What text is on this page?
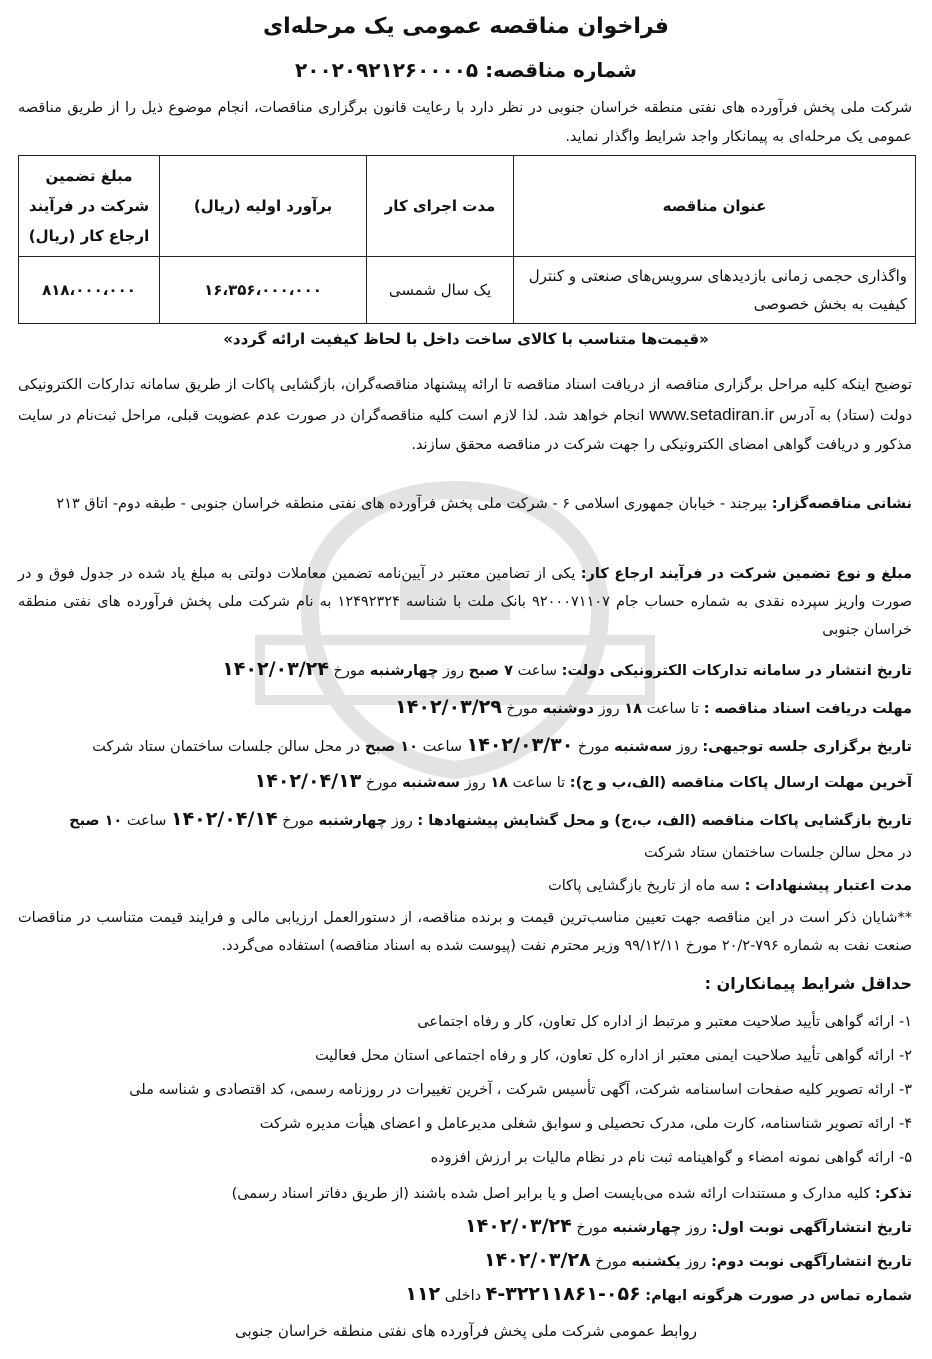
فراخوان مناقصه عمومی یک مرحله‌ای
شماره مناقصه: ۲۰۰۲۰۹۲۱۲۶۰۰۰۰۵

شرکت ملی پخش فرآورده های نفتی منطقه خراسان جنوبی در نظر دارد با رعایت قانون برگزاری مناقصات، انجام موضوع ذیل را از طریق مناقصه عمومی یک مرحله‌ای به پیمانکار واجد شرایط واگذار نماید.

عنوان مناقصه	مدت اجرای کار	برآورد اولیه (ریال)	مبلغ تضمین شرکت در فرآیند ارجاع کار (ریال)
واگذاری حجمی زمانی بازدیدهای سرویس‌های صنعتی و کنترل کیفیت به بخش خصوصی	یک سال شمسی	۱۶،۳۵۶،۰۰۰،۰۰۰	۸۱۸،۰۰۰،۰۰۰
«قیمت‌ها متناسب با کالای ساخت داخل با لحاظ کیفیت ارائه گردد»

توضیح اینکه کلیه مراحل برگزاری مناقصه از دریافت اسناد مناقصه تا ارائه پیشنهاد مناقصه‌گران، بازگشایی پاکات از طریق سامانه تدارکات الکترونیکی دولت (ستاد) به آدرس www.setadiran.ir انجام خواهد شد. لذا لازم است کلیه مناقصه‌گران در صورت عدم عضویت قبلی، مراحل ثبت‌نام در سایت مذکور و دریافت گواهی امضای الکترونیکی را جهت شرکت در مناقصه محقق سازند.

نشانی مناقصه‌گزار: بیرجند - خیابان جمهوری اسلامی ۶ - شرکت ملی پخش فرآورده های نفتی منطقه خراسان جنوبی - طبقه دوم- اتاق ۲۱۳

مبلغ و نوع تضمین شرکت در فرآیند ارجاع کار: یکی از تضامین معتبر در آیین‌نامه تضمین معاملات دولتی به مبلغ یاد شده در جدول فوق و در صورت واریز سپرده نقدی به شماره حساب جام ۹۲۰۰۰۷۱۱۰۷ بانک ملت با شناسه ۱۲۴۹۲۳۲۴ به نام شرکت ملی پخش فرآورده های نفتی منطقه خراسان جنوبی

تاریخ انتشار در سامانه تدارکات الکترونیکی دولت: ساعت ۷ صبح روز چهارشنبه مورخ ۱۴۰۲/۰۳/۲۴

مهلت دریافت اسناد مناقصه : تا ساعت ۱۸ روز دوشنبه مورخ ۱۴۰۲/۰۳/۲۹

تاریخ برگزاری جلسه توجیهی: روز سه‌شنبه مورخ ۱۴۰۲/۰۳/۳۰ ساعت ۱۰ صبح در محل سالن جلسات ساختمان ستاد شرکت

آخرین مهلت ارسال پاکات مناقصه (الف،ب و ج): تا ساعت ۱۸ روز سه‌شنبه مورخ ۱۴۰۲/۰۴/۱۳

تاریخ بازگشایی پاکات مناقصه (الف، ب،ج) و محل گشایش پیشنهادها : روز چهارشنبه مورخ ۱۴۰۲/۰۴/۱۴ ساعت ۱۰ صبح

در محل سالن جلسات ساختمان ستاد شرکت

مدت اعتبار پیشنهادات : سه ماه از تاریخ بازگشایی پاکات

**شایان ذکر است در این مناقصه جهت تعیین مناسب‌ترین قیمت و برنده مناقصه، از دستورالعمل ارزیابی مالی و فرایند قیمت متناسب در مناقصات صنعت نفت به شماره ۷۹۶-۲۰/۲ مورخ ۹۹/۱۲/۱۱ وزیر محترم نفت (پیوست شده به اسناد مناقصه) استفاده می‌گردد.

حداقل شرایط پیمانکاران :

۱- ارائه گواهی تأیید صلاحیت معتبر و مرتبط از اداره کل تعاون، کار و رفاه اجتماعی

۲- ارائه گواهی تأیید صلاحیت ایمنی معتبر از اداره کل تعاون، کار و رفاه اجتماعی استان محل فعالیت

۳- ارائه تصویر کلیه صفحات اساسنامه شرکت، آگهی تأسیس شرکت ، آخرین تغییرات در روزنامه رسمی، کد اقتصادی و شناسه ملی

۴- ارائه تصویر شناسنامه، کارت ملی، مدرک تحصیلی و سوابق شغلی مدیرعامل و اعضای هیأت مدیره شرکت

۵- ارائه گواهی نمونه امضاء و گواهینامه ثبت نام در نظام مالیات بر ارزش افزوده

تذکر: کلیه مدارک و مستندات ارائه شده می‌بایست اصل و یا برابر اصل شده باشند (از طریق دفاتر اسناد رسمی)

تاریخ انتشارآگهی نوبت اول: روز چهارشنبه مورخ ۱۴۰۲/۰۳/۲۴

تاریخ انتشارآگهی نوبت دوم: روز یکشنبه مورخ ۱۴۰۲/۰۳/۲۸

شماره تماس در صورت هرگونه ابهام: ۰۵۶-۳۲۲۱۱۸۶۱-۴ داخلی ۱۱۲

روابط عمومی شرکت ملی پخش فرآورده های نفتی منطقه خراسان جنوبی
